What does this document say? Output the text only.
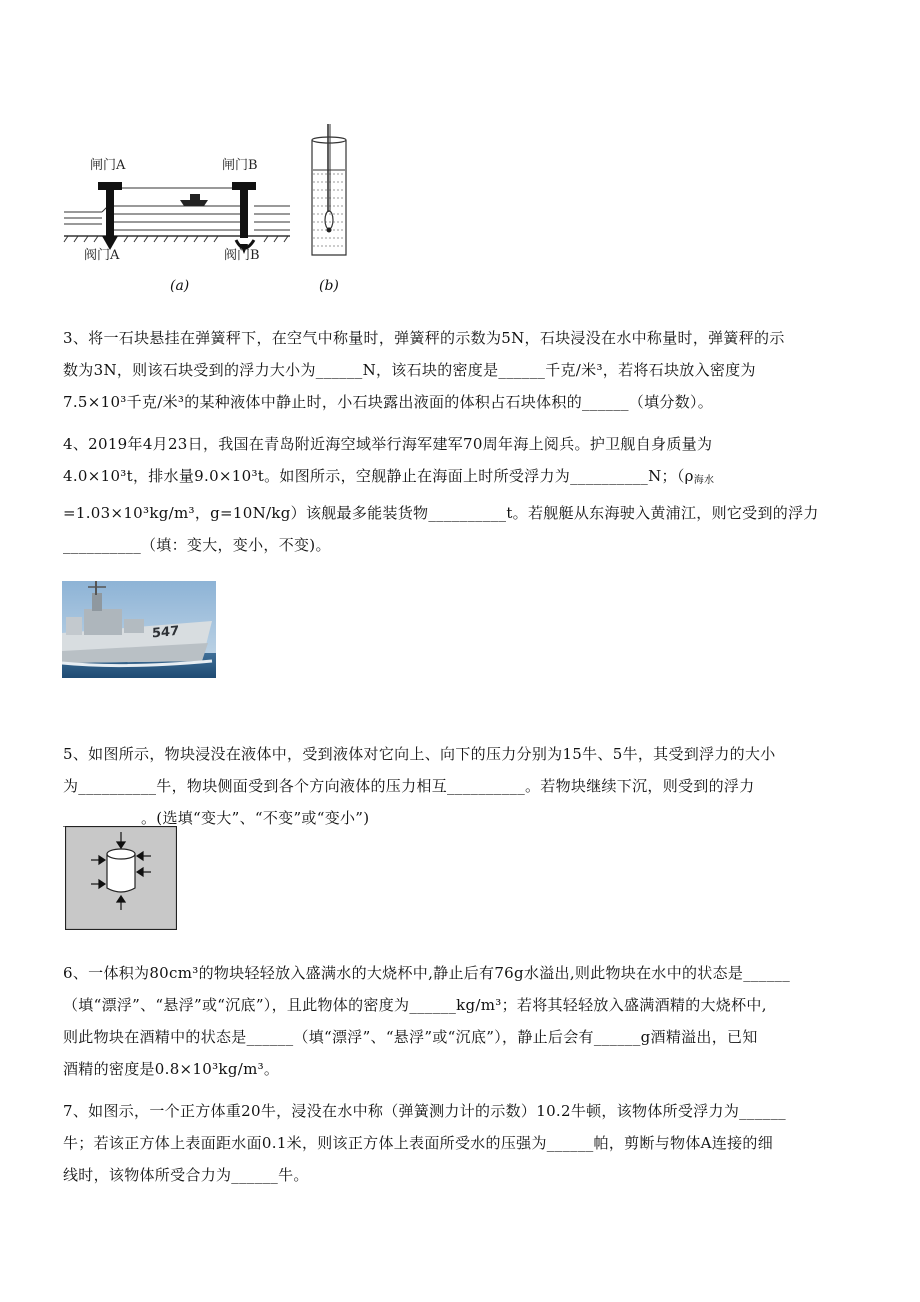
闸门A	闸门B
阀门A	阀门B
(a)	(b)

3、将一石块悬挂在弹簧秤下，在空气中称量时，弹簧秤的示数为5N，石块浸没在水中称量时，弹簧秤的示

数为3N，则该石块受到的浮力大小为______N，该石块的密度是______千克/米³，若将石块放入密度为

7.5×10³千克/米³的某种液体中静止时，小石块露出液面的体积占石块体积的______（填分数）。

4、2019年4月23日，我国在青岛附近海空域举行海军建军70周年海上阅兵。护卫舰自身质量为

4.0×10³t，排水量9.0×10³t。如图所示，空舰静止在海面上时所受浮力为__________N；（$\rho_{海水}$

=1.03×10³kg/m³，g=10N/kg）该舰最多能装货物__________t。若舰艇从东海驶入黄浦江，则它受到的浮力

__________（填：变大，变小，不变)。

547

5、如图所示，物块浸没在液体中，受到液体对它向上、向下的压力分别为15牛、5牛，其受到浮力的大小

为__________牛，物块侧面受到各个方向液体的压力相互__________。若物块继续下沉，则受到的浮力

__________。(选填“变大”、“不变”或“变小”)

6、一体积为80cm³的物块轻轻放入盛满水的大烧杯中,静止后有76g水溢出,则此物块在水中的状态是______

（填“漂浮”、“悬浮”或“沉底”），且此物体的密度为______kg/m³；若将其轻轻放入盛满酒精的大烧杯中,

则此物块在酒精中的状态是______（填“漂浮”、“悬浮”或“沉底”），静止后会有______g酒精溢出，已知

酒精的密度是0.8×10³kg/m³。

7、如图示，一个正方体重20牛，浸没在水中称（弹簧测力计的示数）10.2牛顿，该物体所受浮力为______

牛；若该正方体上表面距水面0.1米，则该正方体上表面所受水的压强为______帕，剪断与物体A连接的细

线时，该物体所受合力为______牛。
